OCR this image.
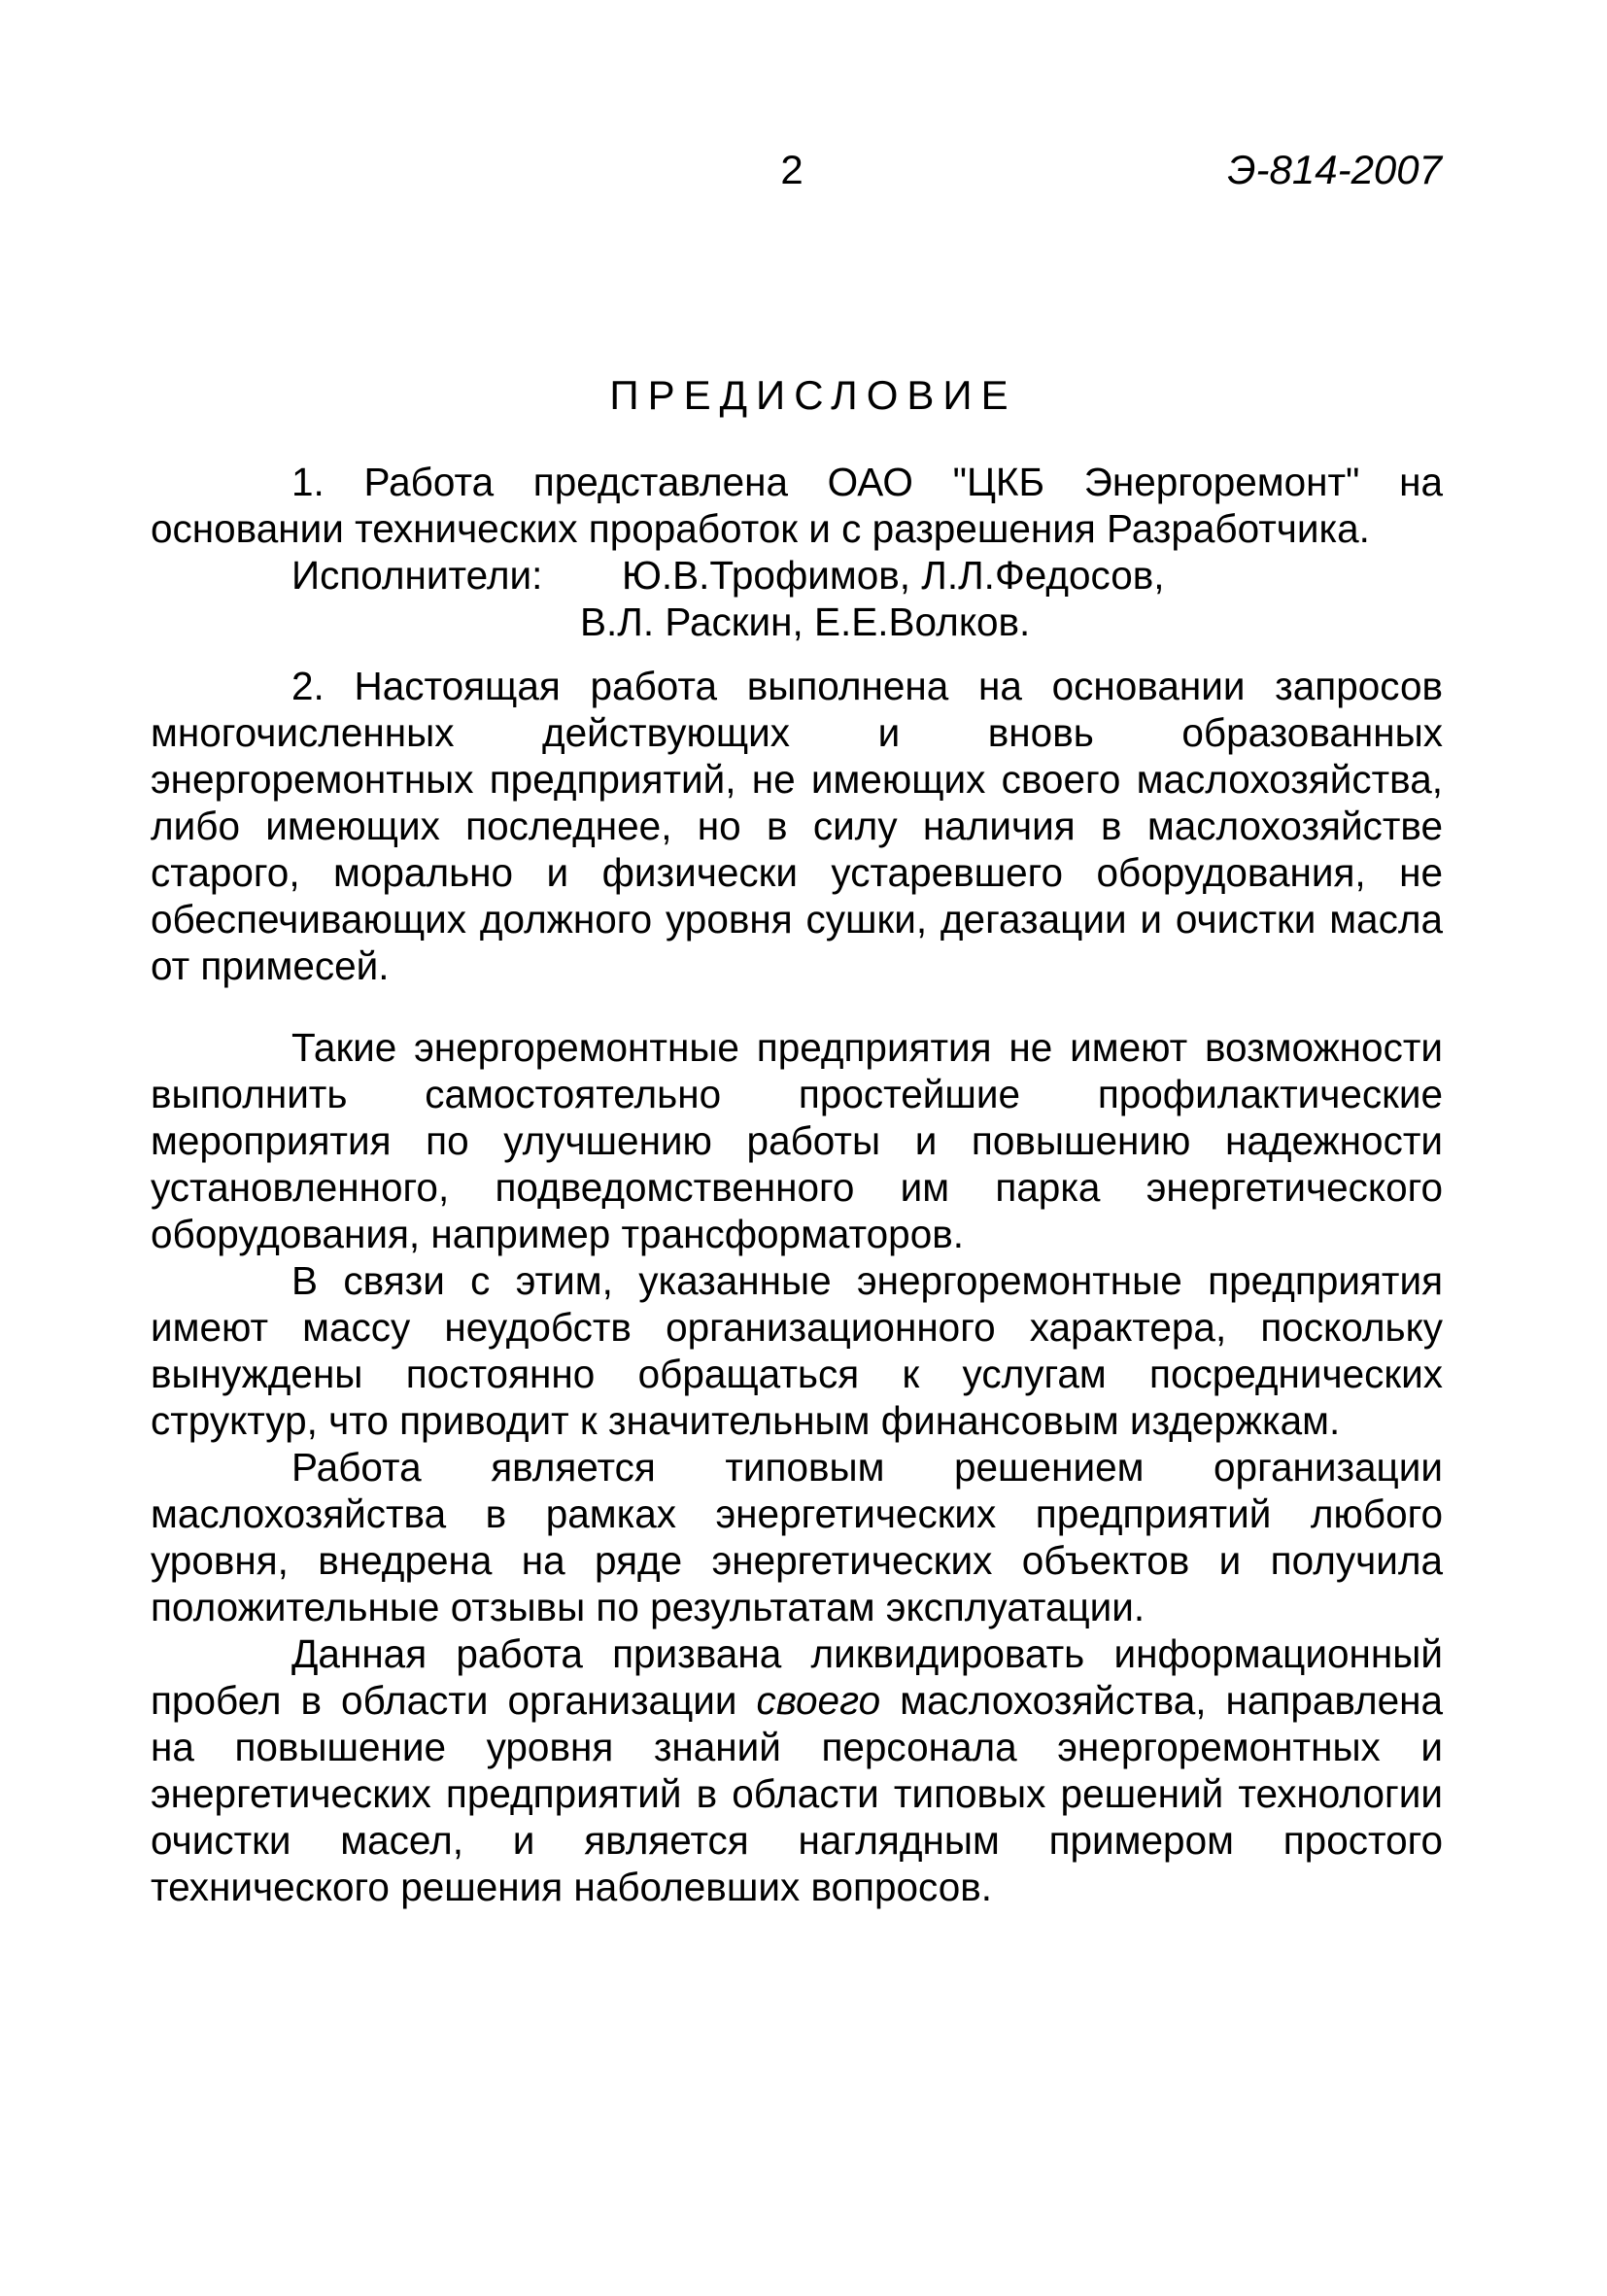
2	Э-814-2007
ПРЕДИСЛОВИЕ

1. Работа представлена ОАО "ЦКБ Энергоремонт" на основании технических проработок и с разрешения Разработчика.

Исполнители: Ю.В.Трофимов, Л.Л.Федосов,
В.Л. Раскин, Е.Е.Волков.

2. Настоящая работа выполнена на основании запросов многочисленных действующих и вновь образованных энергоремонтных предприятий, не имеющих своего маслохозяйства, либо имеющих последнее, но в силу наличия в маслохозяйстве старого, морально и физически устаревшего оборудования, не обеспечивающих должного уровня сушки, дегазации и очистки масла от примесей.

Такие энергоремонтные предприятия не имеют возможности выполнить самостоятельно простейшие профилактические мероприятия по улучшению работы и повышению надежности установленного, подведомственного им парка энергетического оборудования, например трансформаторов.

В связи с этим, указанные энергоремонтные предприятия имеют массу неудобств организационного характера, поскольку вынуждены постоянно обращаться к услугам посреднических структур, что приводит к значительным финансовым издержкам.

Работа является типовым решением организации маслохозяйства в рамках энергетических предприятий любого уровня, внедрена на ряде энергетических объектов и получила положительные отзывы по результатам эксплуатации.

Данная работа призвана ликвидировать информационный пробел в области организации своего маслохозяйства, направлена на повышение уровня знаний персонала энергоремонтных и энергетических предприятий в области типовых решений технологии очистки масел, и является наглядным примером простого технического решения наболевших вопросов.
